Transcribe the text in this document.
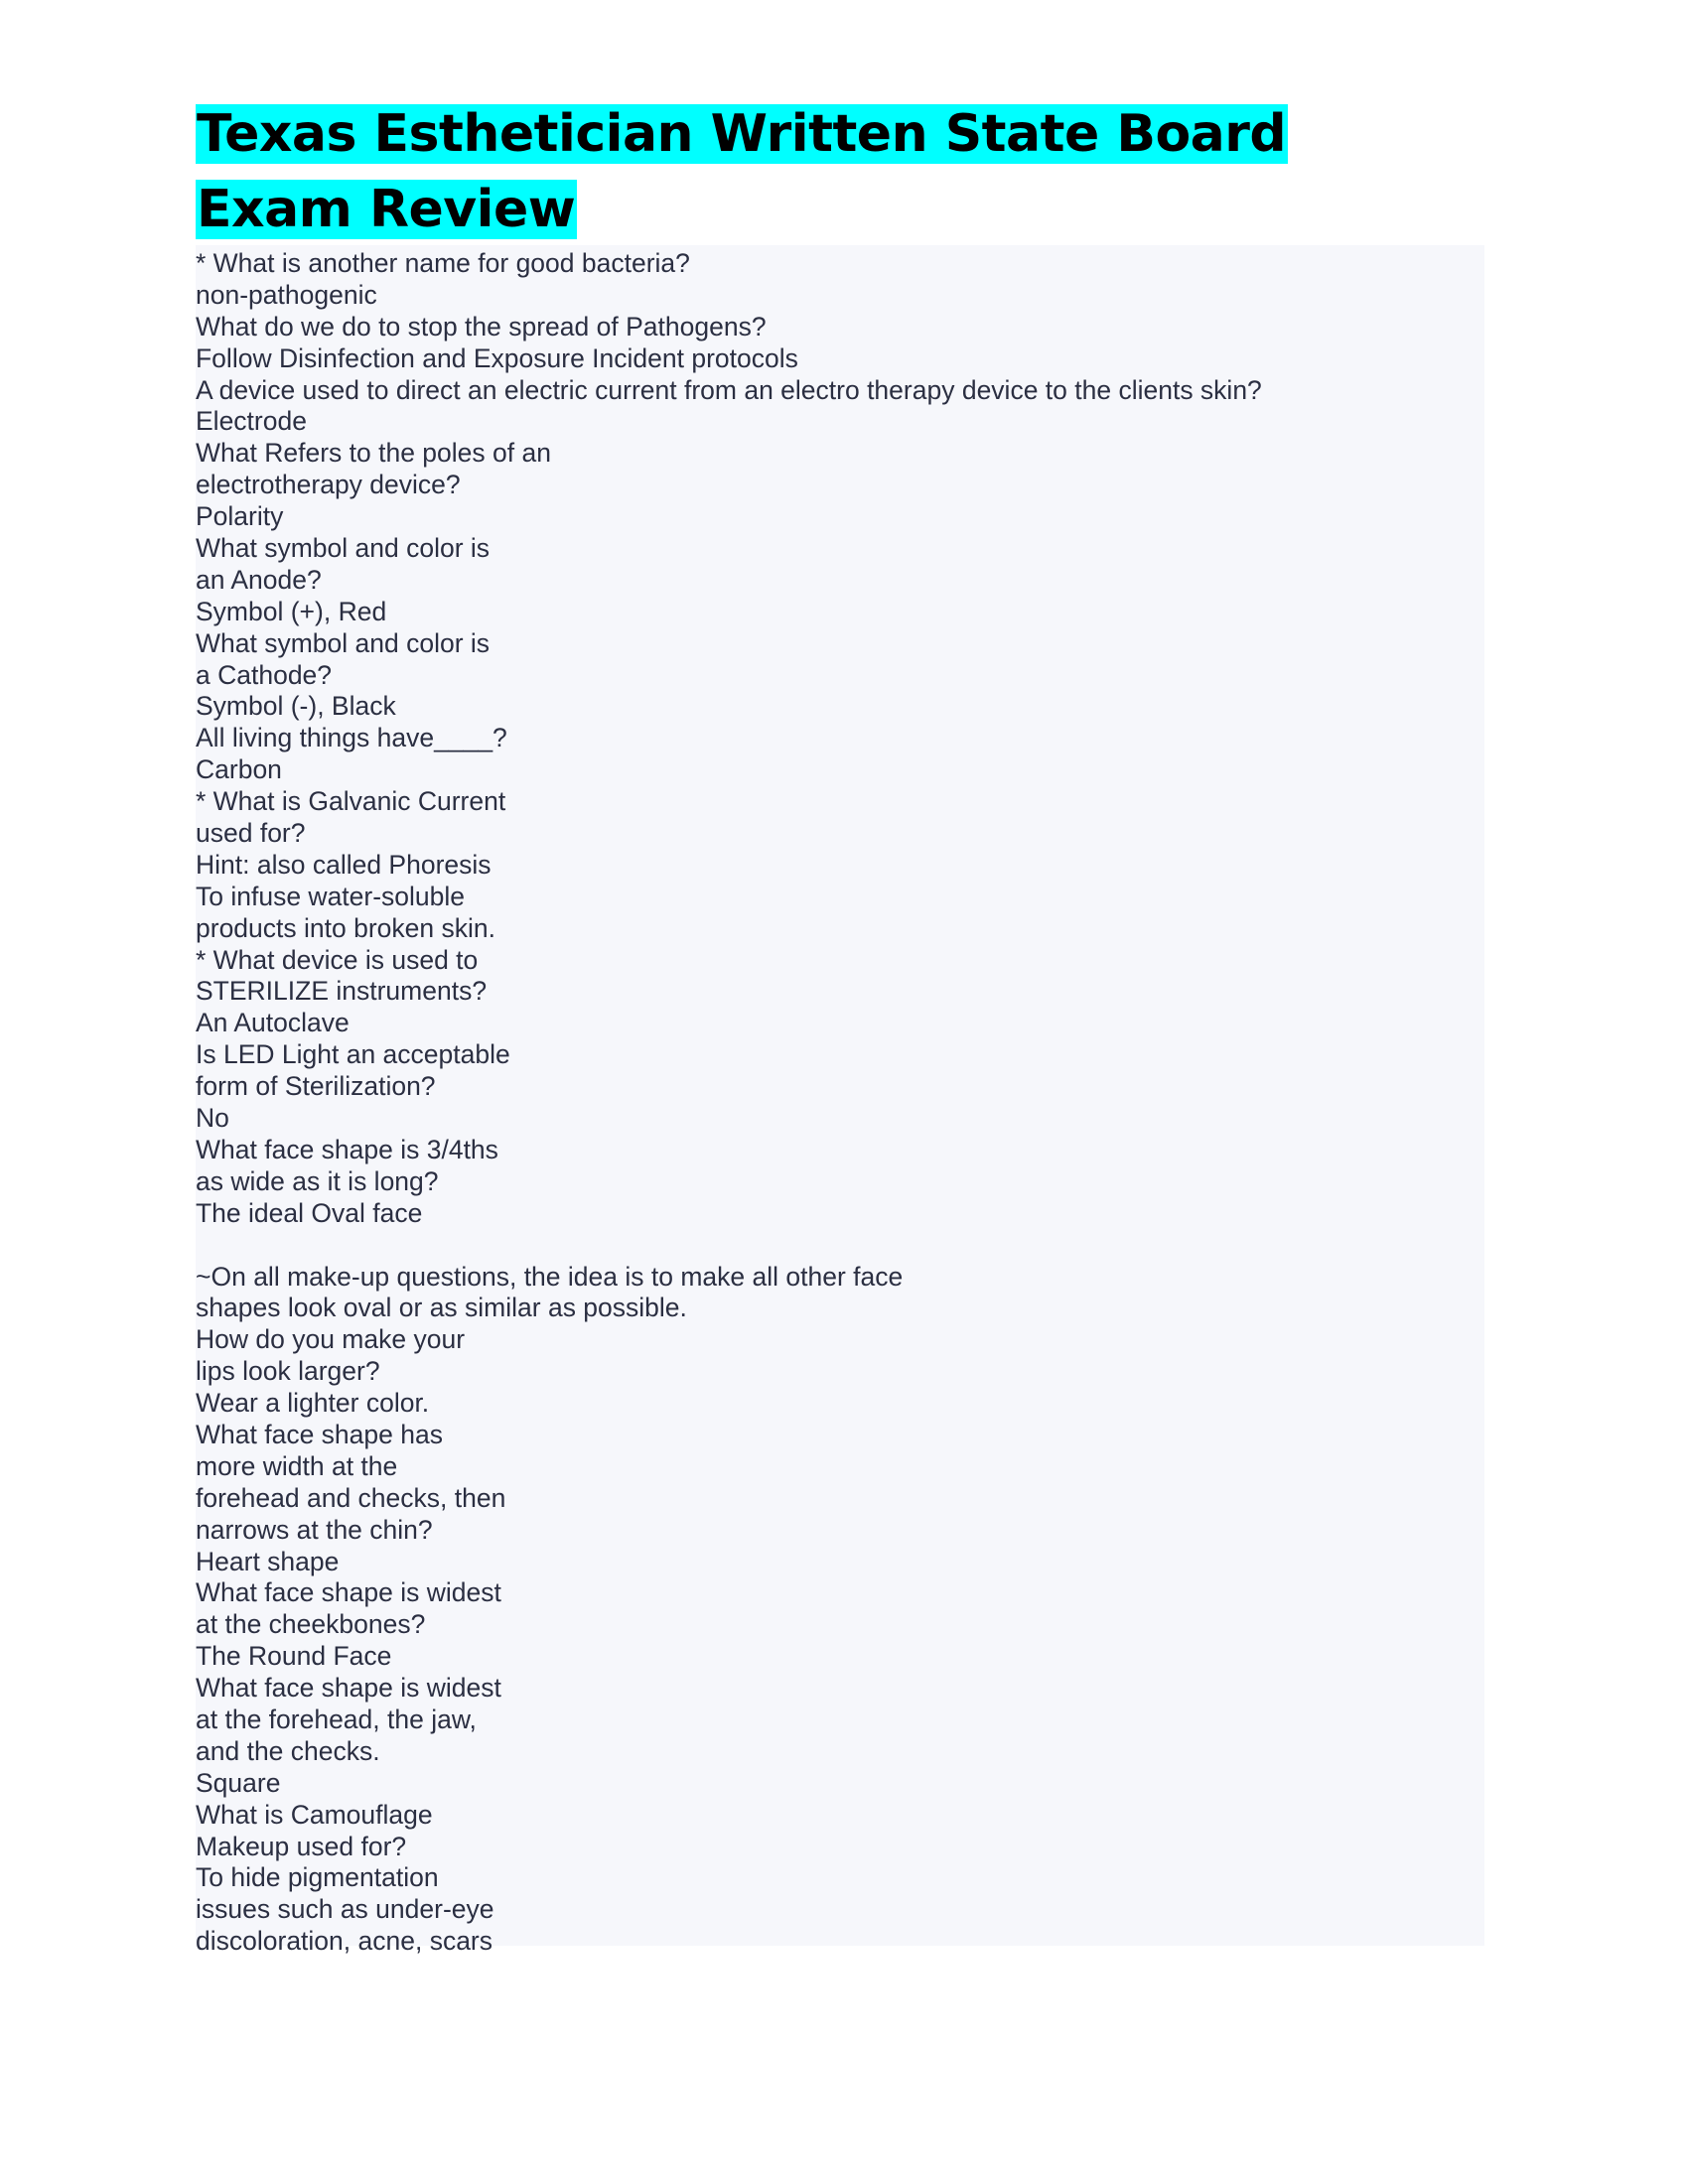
Texas Esthetician Written State Board Exam Review
* What is another name for good bacteria?
non-pathogenic
What do we do to stop the spread of Pathogens?
Follow Disinfection and Exposure Incident protocols
A device used to direct an electric current from an electro therapy device to the clients skin?
Electrode
What Refers to the poles of an
electrotherapy device?
Polarity
What symbol and color is
an Anode?
Symbol (+), Red
What symbol and color is
a Cathode?
Symbol (-), Black
All living things have____?
Carbon
* What is Galvanic Current
used for?
Hint: also called Phoresis
To infuse water-soluble
products into broken skin.
* What device is used to
STERILIZE instruments?
An Autoclave
Is LED Light an acceptable
form of Sterilization?
No
What face shape is 3/4ths
as wide as it is long?
The ideal Oval face
~On all make-up questions, the idea is to make all other face
shapes look oval or as similar as possible.
How do you make your
lips look larger?
Wear a lighter color.
What face shape has
more width at the
forehead and checks, then
narrows at the chin?
Heart shape
What face shape is widest
at the cheekbones?
The Round Face
What face shape is widest
at the forehead, the jaw,
and the checks.
Square
What is Camouflage
Makeup used for?
To hide pigmentation
issues such as under-eye
discoloration, acne, scars
